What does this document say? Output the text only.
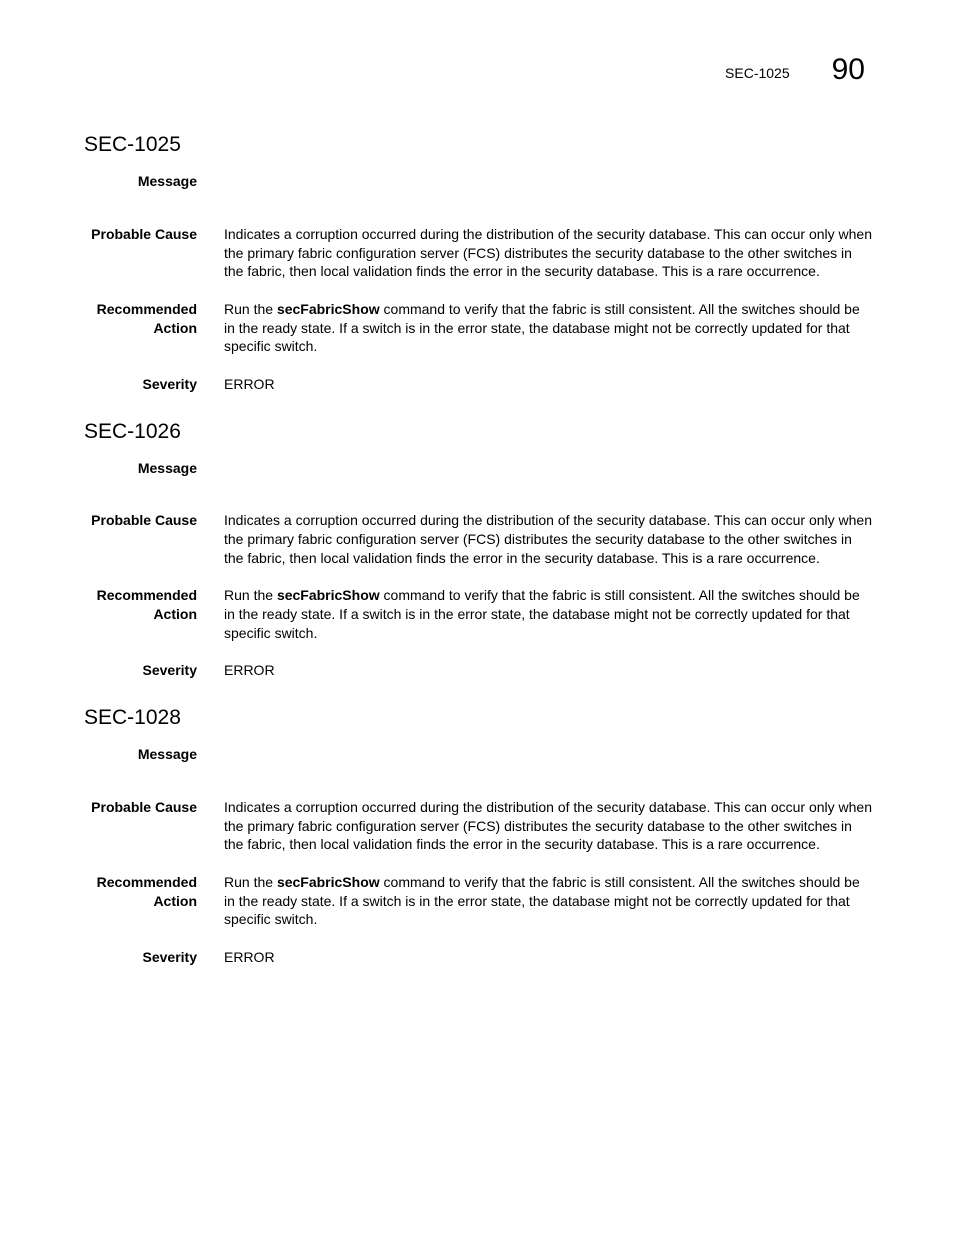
SEC-1025 90
SEC-1025
Message
Probable Cause Indicates a corruption occurred during the distribution of the security database. This can occur only when the primary fabric configuration server (FCS) distributes the security database to the other switches in the fabric, then local validation finds the error in the security database. This is a rare occurrence.
Recommended Action
Run the secFabricShow command to verify that the fabric is still consistent. All the switches should be in the ready state. If a switch is in the error state, the database might not be correctly updated for that specific switch.
Severity ERROR
SEC-1026
Message
Probable Cause Indicates a corruption occurred during the distribution of the security database. This can occur only when the primary fabric configuration server (FCS) distributes the security database to the other switches in the fabric, then local validation finds the error in the security database. This is a rare occurrence.
Recommended Action
Run the secFabricShow command to verify that the fabric is still consistent. All the switches should be in the ready state. If a switch is in the error state, the database might not be correctly updated for that specific switch.
Severity ERROR
SEC-1028
Message
Probable Cause Indicates a corruption occurred during the distribution of the security database. This can occur only when the primary fabric configuration server (FCS) distributes the security database to the other switches in the fabric, then local validation finds the error in the security database. This is a rare occurrence.
Recommended Action
Run the secFabricShow command to verify that the fabric is still consistent. All the switches should be in the ready state. If a switch is in the error state, the database might not be correctly updated for that specific switch.
Severity ERROR
